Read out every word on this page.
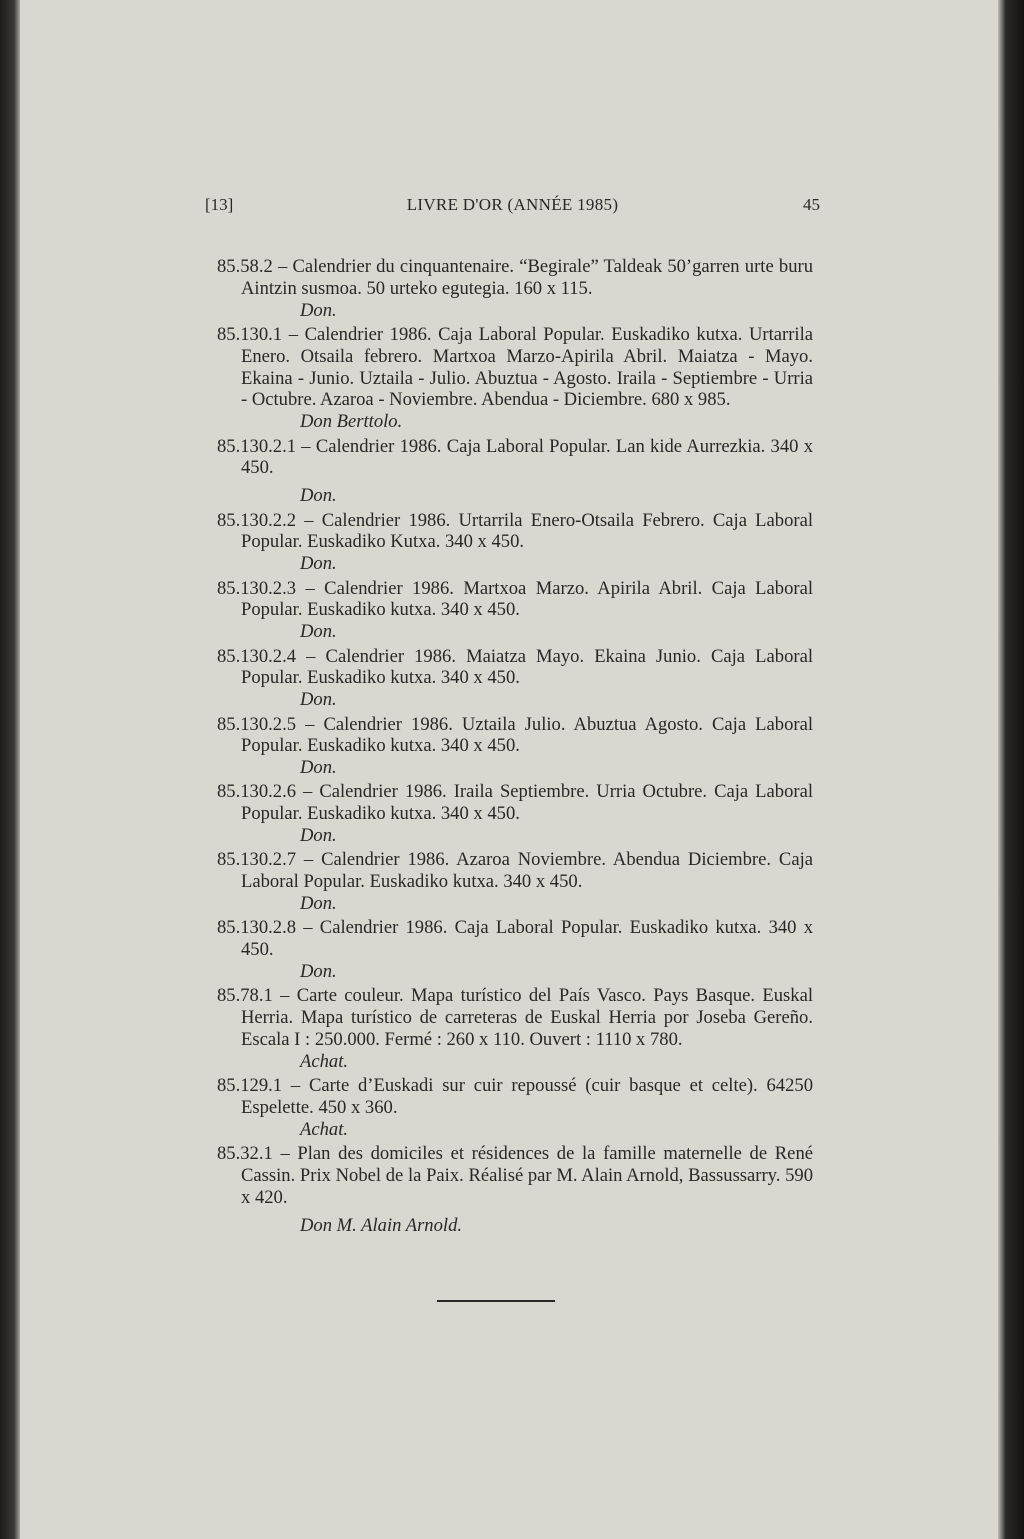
[13]	LIVRE D'OR (ANNÉE 1985)	45
85.58.2 – Calendrier du cinquantenaire. “Begirale” Taldeak 50’garren urte buru Aintzin susmoa. 50 urteko egutegia. 160 x 115.
Don.
85.130.1 – Calendrier 1986. Caja Laboral Popular. Euskadiko kutxa. Urtarrila Enero. Otsaila febrero. Martxoa Marzo-Apirila Abril. Maiatza - Mayo. Ekaina - Junio. Uztaila - Julio. Abuztua - Agosto. Iraila - Septiembre - Urria - Octubre. Azaroa - Noviembre. Abendua - Diciembre. 680 x 985.
Don Berttolo.
85.130.2.1 – Calendrier 1986. Caja Laboral Popular. Lan kide Aurrezkia. 340 x 450.
Don.
85.130.2.2 – Calendrier 1986. Urtarrila Enero-Otsaila Febrero. Caja Laboral Popular. Euskadiko Kutxa. 340 x 450.
Don.
85.130.2.3 – Calendrier 1986. Martxoa Marzo. Apirila Abril. Caja Laboral Popular. Euskadiko kutxa. 340 x 450.
Don.
85.130.2.4 – Calendrier 1986. Maiatza Mayo. Ekaina Junio. Caja Laboral Popular. Euskadiko kutxa. 340 x 450.
Don.
85.130.2.5 – Calendrier 1986. Uztaila Julio. Abuztua Agosto. Caja Laboral Popular. Euskadiko kutxa. 340 x 450.
Don.
85.130.2.6 – Calendrier 1986. Iraila Septiembre. Urria Octubre. Caja Laboral Popular. Euskadiko kutxa. 340 x 450.
Don.
85.130.2.7 – Calendrier 1986. Azaroa Noviembre. Abendua Diciembre. Caja Laboral Popular. Euskadiko kutxa. 340 x 450.
Don.
85.130.2.8 – Calendrier 1986. Caja Laboral Popular. Euskadiko kutxa. 340 x 450.
Don.
85.78.1 – Carte couleur. Mapa turístico del País Vasco. Pays Basque. Euskal Herria. Mapa turístico de carreteras de Euskal Herria por Joseba Gereño. Escala I : 250.000. Fermé : 260 x 110. Ouvert : 1110 x 780.
Achat.
85.129.1 – Carte d’Euskadi sur cuir repoussé (cuir basque et celte). 64250 Espelette. 450 x 360.
Achat.
85.32.1 – Plan des domiciles et résidences de la famille maternelle de René Cassin. Prix Nobel de la Paix. Réalisé par M. Alain Arnold, Bassussarry. 590 x 420.
Don M. Alain Arnold.
